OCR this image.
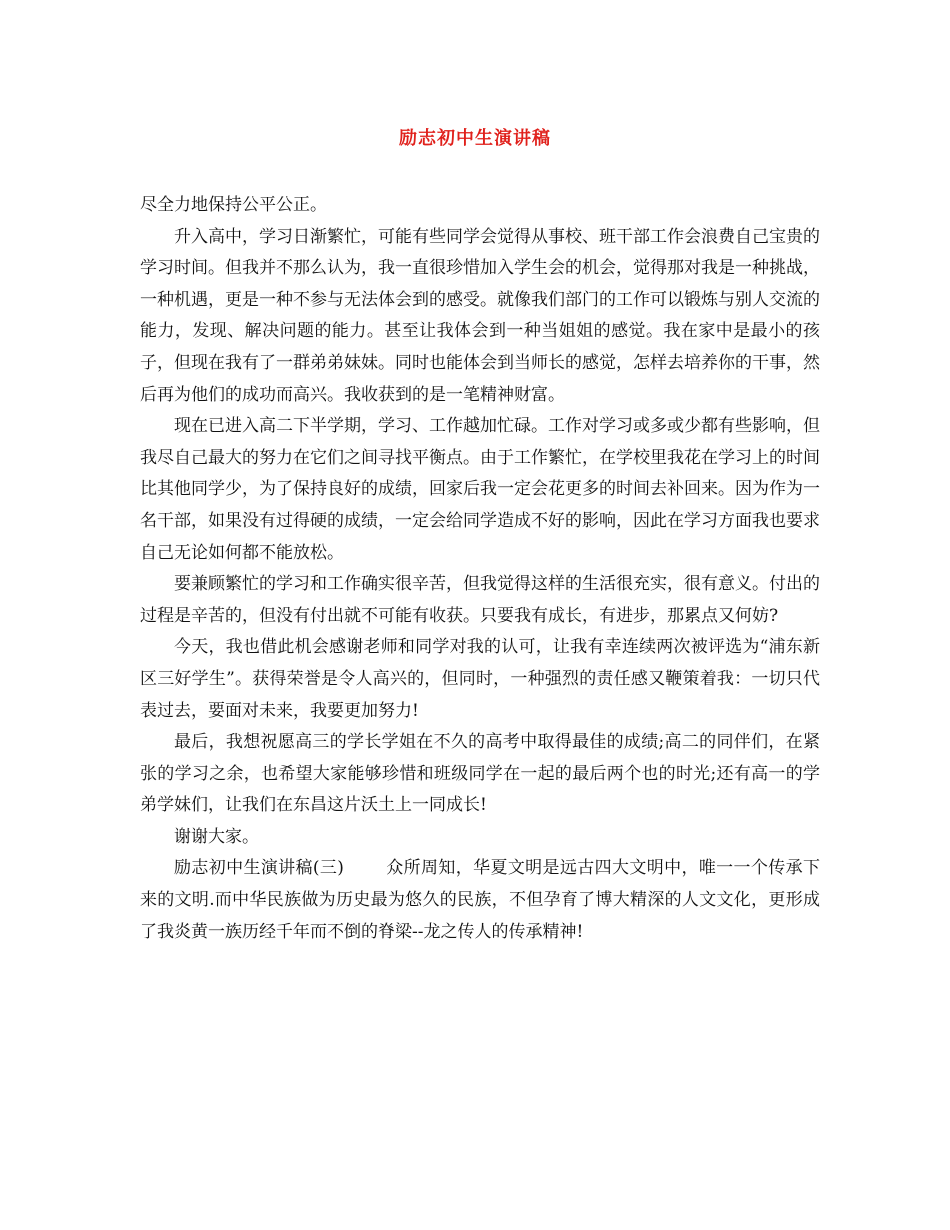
励志初中生演讲稿

尽全力地保持公平公正。

升入高中，学习日渐繁忙，可能有些同学会觉得从事校、班干部工作会浪费自己宝贵的学习时间。但我并不那么认为，我一直很珍惜加入学生会的机会，觉得那对我是一种挑战，一种机遇，更是一种不参与无法体会到的感受。就像我们部门的工作可以锻炼与别人交流的能力，发现、解决问题的能力。甚至让我体会到一种当姐姐的感觉。我在家中是最小的孩子，但现在我有了一群弟弟妹妹。同时也能体会到当师长的感觉，怎样去培养你的干事，然后再为他们的成功而高兴。我收获到的是一笔精神财富。

现在已进入高二下半学期，学习、工作越加忙碌。工作对学习或多或少都有些影响，但我尽自己最大的努力在它们之间寻找平衡点。由于工作繁忙，在学校里我花在学习上的时间比其他同学少，为了保持良好的成绩，回家后我一定会花更多的时间去补回来。因为作为一名干部，如果没有过得硬的成绩，一定会给同学造成不好的影响，因此在学习方面我也要求自己无论如何都不能放松。

要兼顾繁忙的学习和工作确实很辛苦，但我觉得这样的生活很充实，很有意义。付出的过程是辛苦的，但没有付出就不可能有收获。只要我有成长，有进步，那累点又何妨?

今天，我也借此机会感谢老师和同学对我的认可，让我有幸连续两次被评选为“浦东新区三好学生”。获得荣誉是令人高兴的，但同时，一种强烈的责任感又鞭策着我：一切只代表过去，要面对未来，我要更加努力!

最后，我想祝愿高三的学长学姐在不久的高考中取得最佳的成绩;高二的同伴们，在紧张的学习之余，也希望大家能够珍惜和班级同学在一起的最后两个也的时光;还有高一的学弟学妹们，让我们在东昌这片沃土上一同成长!

谢谢大家。

励志初中生演讲稿(三) 众所周知，华夏文明是远古四大文明中，唯一一个传承下来的文明.而中华民族做为历史最为悠久的民族，不但孕育了博大精深的人文文化，更形成了我炎黄一族历经千年而不倒的脊梁--龙之传人的传承精神!
